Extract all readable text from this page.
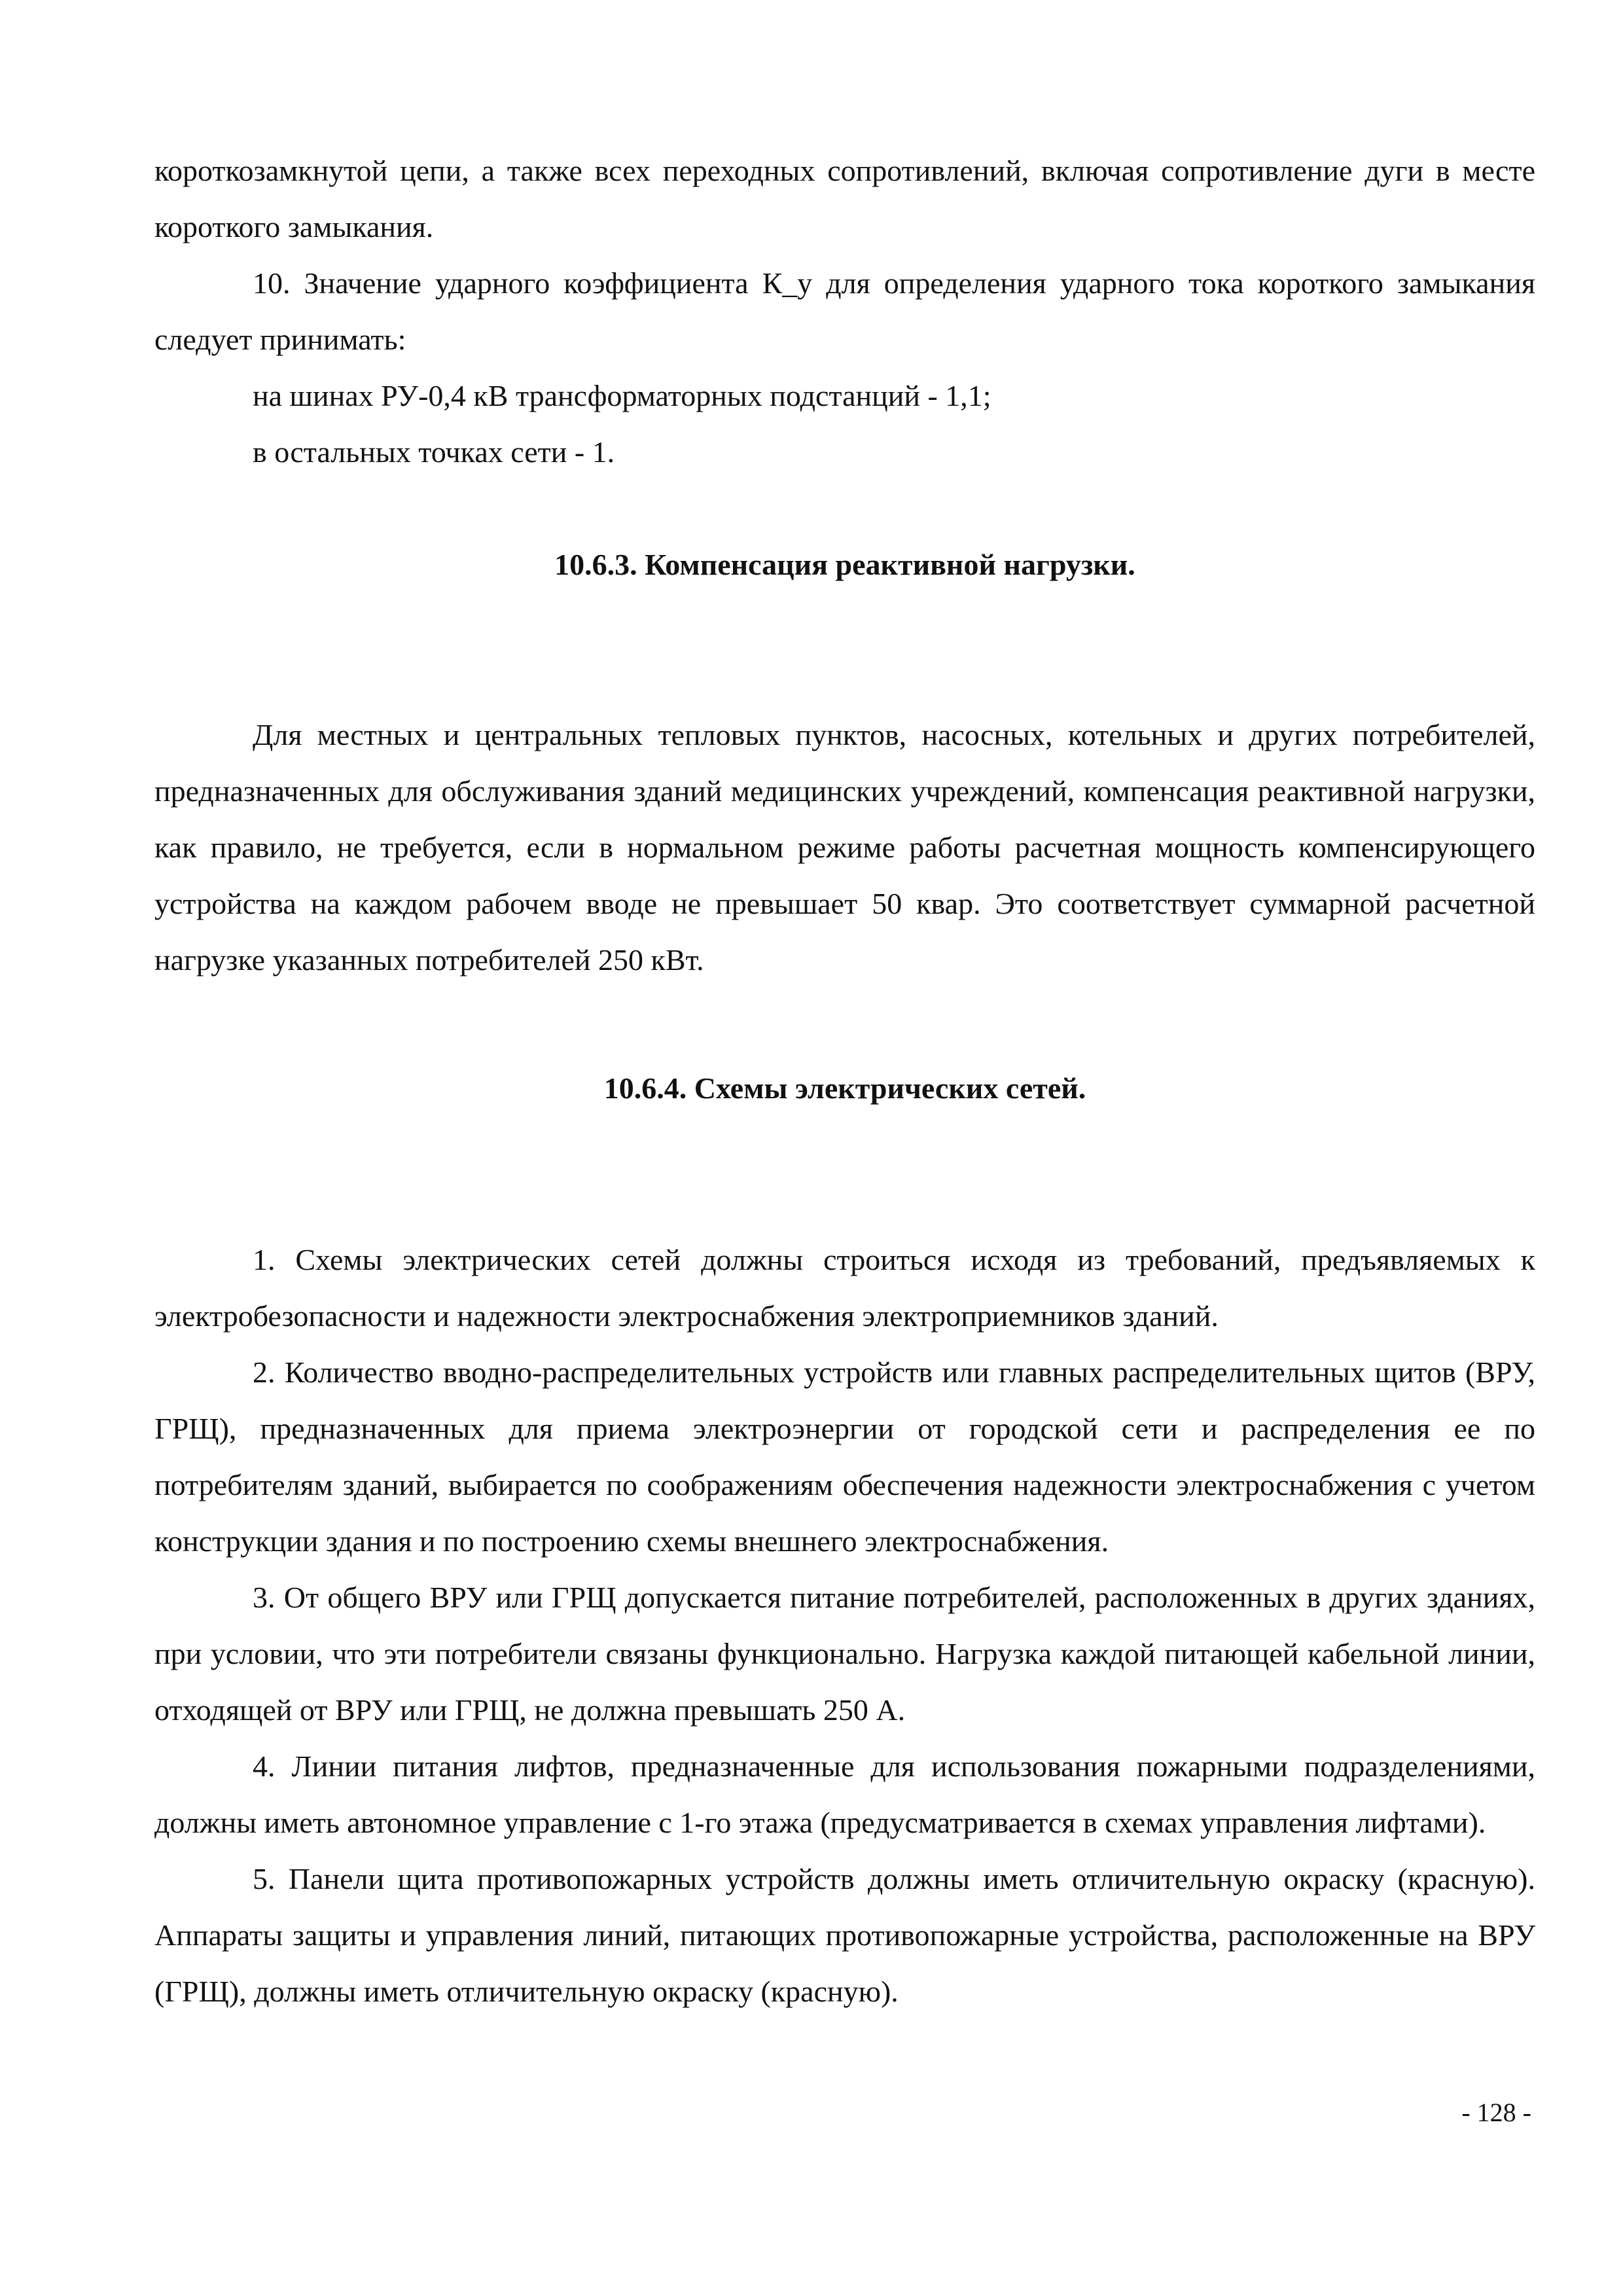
короткозамкнутой цепи, а также всех переходных сопротивлений, включая сопротивление дуги в месте короткого замыкания.

10. Значение ударного коэффициента К_у для определения ударного тока короткого замыкания следует принимать:

на шинах РУ-0,4 кВ трансформаторных подстанций - 1,1;

в остальных точках сети - 1.

10.6.3. Компенсация реактивной нагрузки.

Для местных и центральных тепловых пунктов, насосных, котельных и других потребителей, предназначенных для обслуживания зданий медицинских учреждений, компенсация реактивной нагрузки, как правило, не требуется, если в нормальном режиме работы расчетная мощность компенсирующего устройства на каждом рабочем вводе не превышает 50 квар. Это соответствует суммарной расчетной нагрузке указанных потребителей 250 кВт.

10.6.4. Схемы электрических сетей.

1. Схемы электрических сетей должны строиться исходя из требований, предъявляемых к электробезопасности и надежности электроснабжения электроприемников зданий.

2. Количество вводно-распределительных устройств или главных распределительных щитов (ВРУ, ГРЩ), предназначенных для приема электроэнергии от городской сети и распределения ее по потребителям зданий, выбирается по соображениям обеспечения надежности электроснабжения с учетом конструкции здания и по построению схемы внешнего электроснабжения.

3. От общего ВРУ или ГРЩ допускается питание потребителей, расположенных в других зданиях, при условии, что эти потребители связаны функционально. Нагрузка каждой питающей кабельной линии, отходящей от ВРУ или ГРЩ, не должна превышать 250 А.

4. Линии питания лифтов, предназначенные для использования пожарными подразделениями, должны иметь автономное управление с 1-го этажа (предусматривается в схемах управления лифтами).

5. Панели щита противопожарных устройств должны иметь отличительную окраску (красную). Аппараты защиты и управления линий, питающих противопожарные устройства, расположенные на ВРУ (ГРЩ), должны иметь отличительную окраску (красную).

- 128 -
